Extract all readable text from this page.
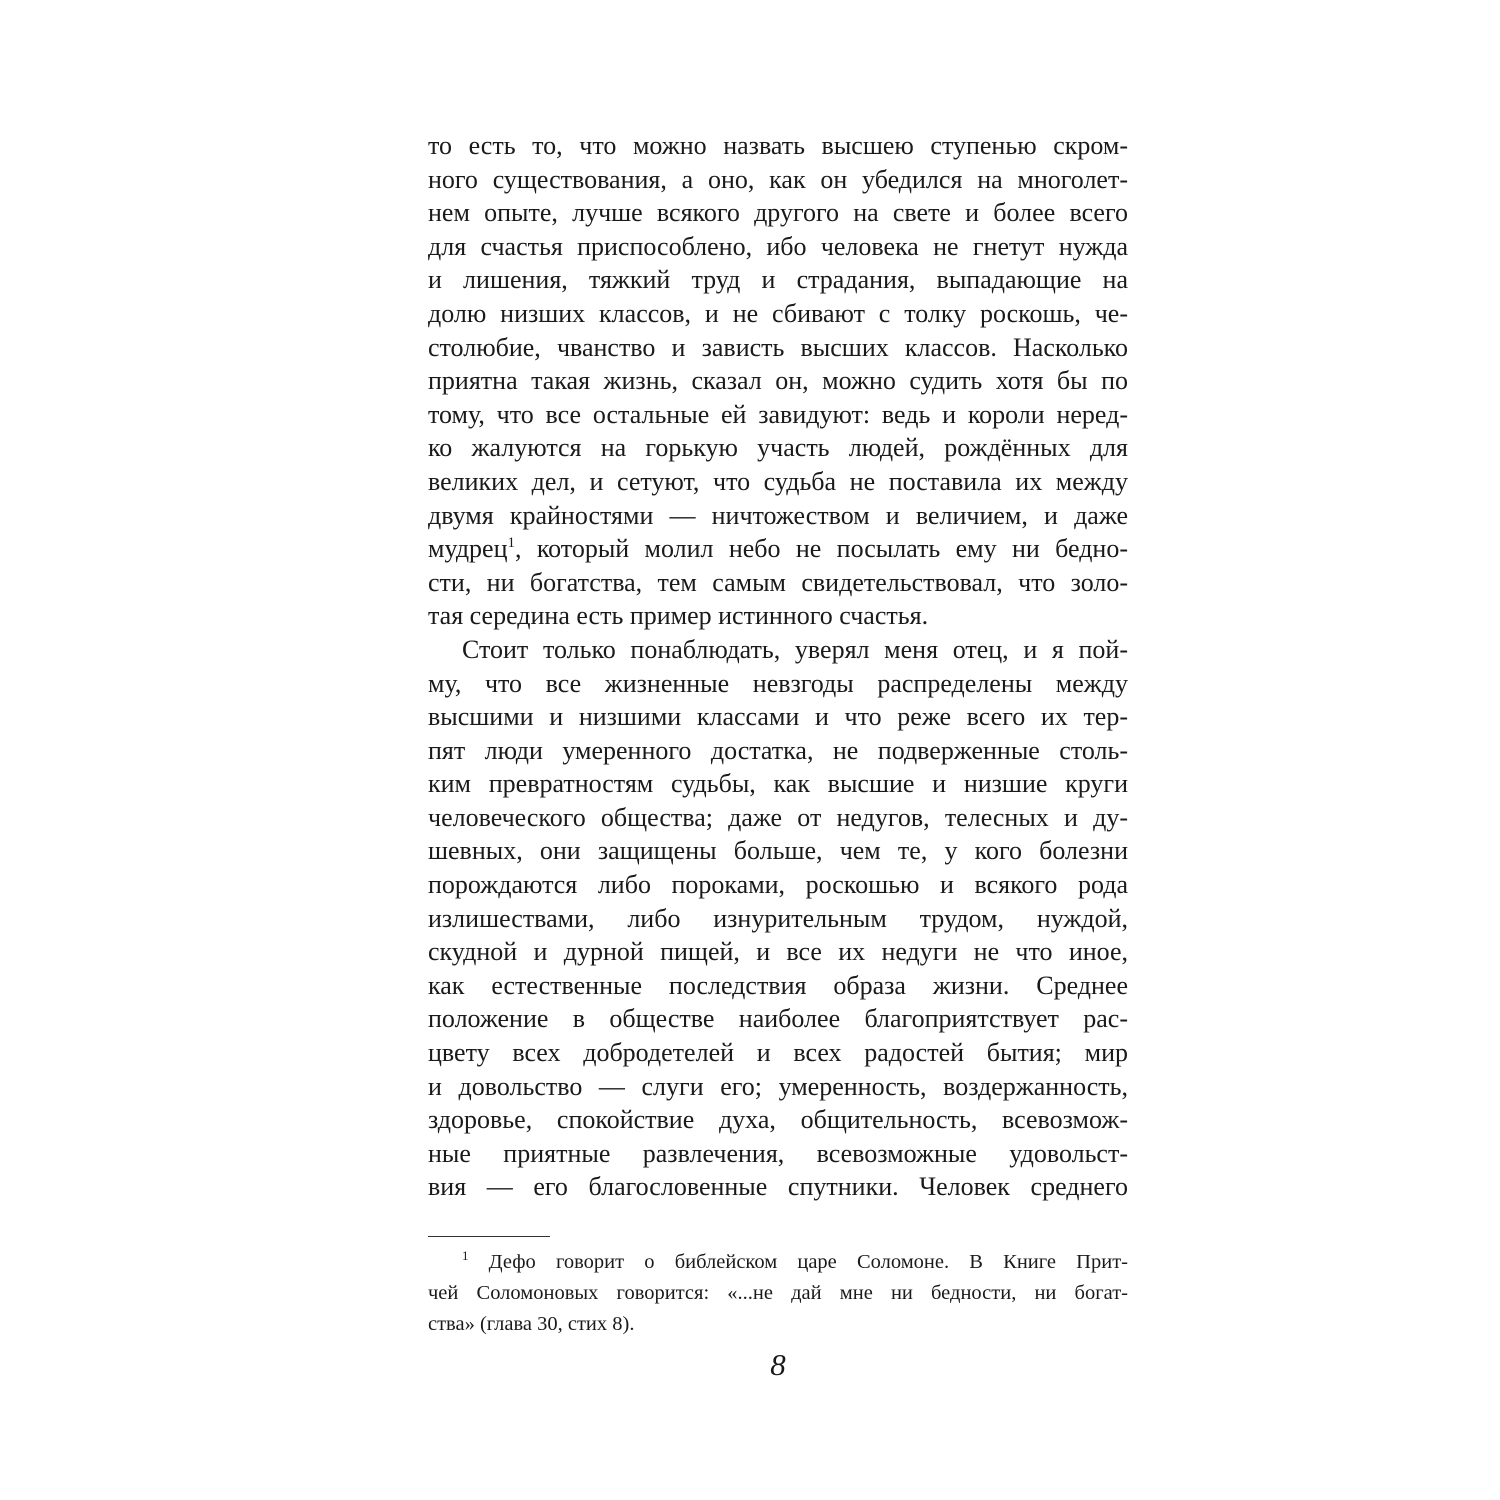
то есть то, что можно назвать высшею ступенью скром-
ного существования, а оно, как он убедился на многолет-
нем опыте, лучше всякого другого на свете и более всего
для счастья приспособлено, ибо человека не гнетут нужда
и лишения, тяжкий труд и страдания, выпадающие на
долю низших классов, и не сбивают с толку роскошь, че-
столюбие, чванство и зависть высших классов. Насколько
приятна такая жизнь, сказал он, можно судить хотя бы по
тому, что все остальные ей завидуют: ведь и короли неред-
ко жалуются на горькую участь людей, рождённых для
великих дел, и сетуют, что судьба не поставила их между
двумя крайностями — ничтожеством и величием, и даже
мудрец$^1$, который молил небо не посылать ему ни бедно-
сти, ни богатства, тем самым свидетельствовал, что золо-
тая середина есть пример истинного счастья.
Стоит только понаблюдать, уверял меня отец, и я пой-
му, что все жизненные невзгоды распределены между
высшими и низшими классами и что реже всего их тер-
пят люди умеренного достатка, не подверженные столь-
ким превратностям судьбы, как высшие и низшие круги
человеческого общества; даже от недугов, телесных и ду-
шевных, они защищены больше, чем те, у кого болезни
порождаются либо пороками, роскошью и всякого рода
излишествами, либо изнурительным трудом, нуждой,
скудной и дурной пищей, и все их недуги не что иное,
как естественные последствия образа жизни. Среднее
положение в обществе наиболее благоприятствует рас-
цвету всех добродетелей и всех радостей бытия; мир
и довольство — слуги его; умеренность, воздержанность,
здоровье, спокойствие духа, общительность, всевозмож-
ные приятные развлечения, всевозможные удовольст-
вия — его благословенные спутники. Человек среднего
$^1$ Дефо говорит о библейском царе Соломоне. В Книге Прит-
чей Соломоновых говорится: «...не дай мне ни бедности, ни богат-
ства» (глава 30, стих 8).
8
